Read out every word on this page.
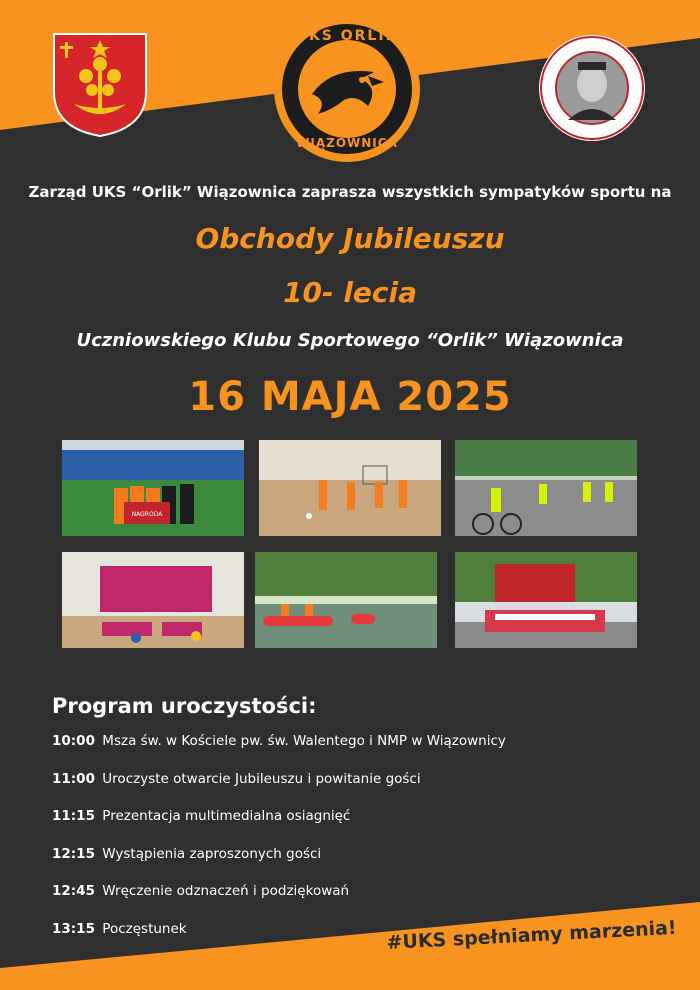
UKS ORLIK
WIĄZOWNICA
Zarząd UKS “Orlik” Wiązownica zaprasza wszystkich sympatyków sportu na
Obchody Jubileuszu
10- lecia
Uczniowskiego Klubu Sportowego “Orlik” Wiązownica
16 MAJA 2025
NAGRODA
Program uroczystości:
10:00 Msza św. w Kościele pw. św. Walentego i NMP w Wiązownicy
11:00 Uroczyste otwarcie Jubileuszu i powitanie gości
11:15 Prezentacja multimedialna osiagnięć
12:15 Wystąpienia zaproszonych gości
12:45 Wręczenie odznaczeń i podziękowań
13:15 Poczęstunek	#UKS spełniamy marzenia!
